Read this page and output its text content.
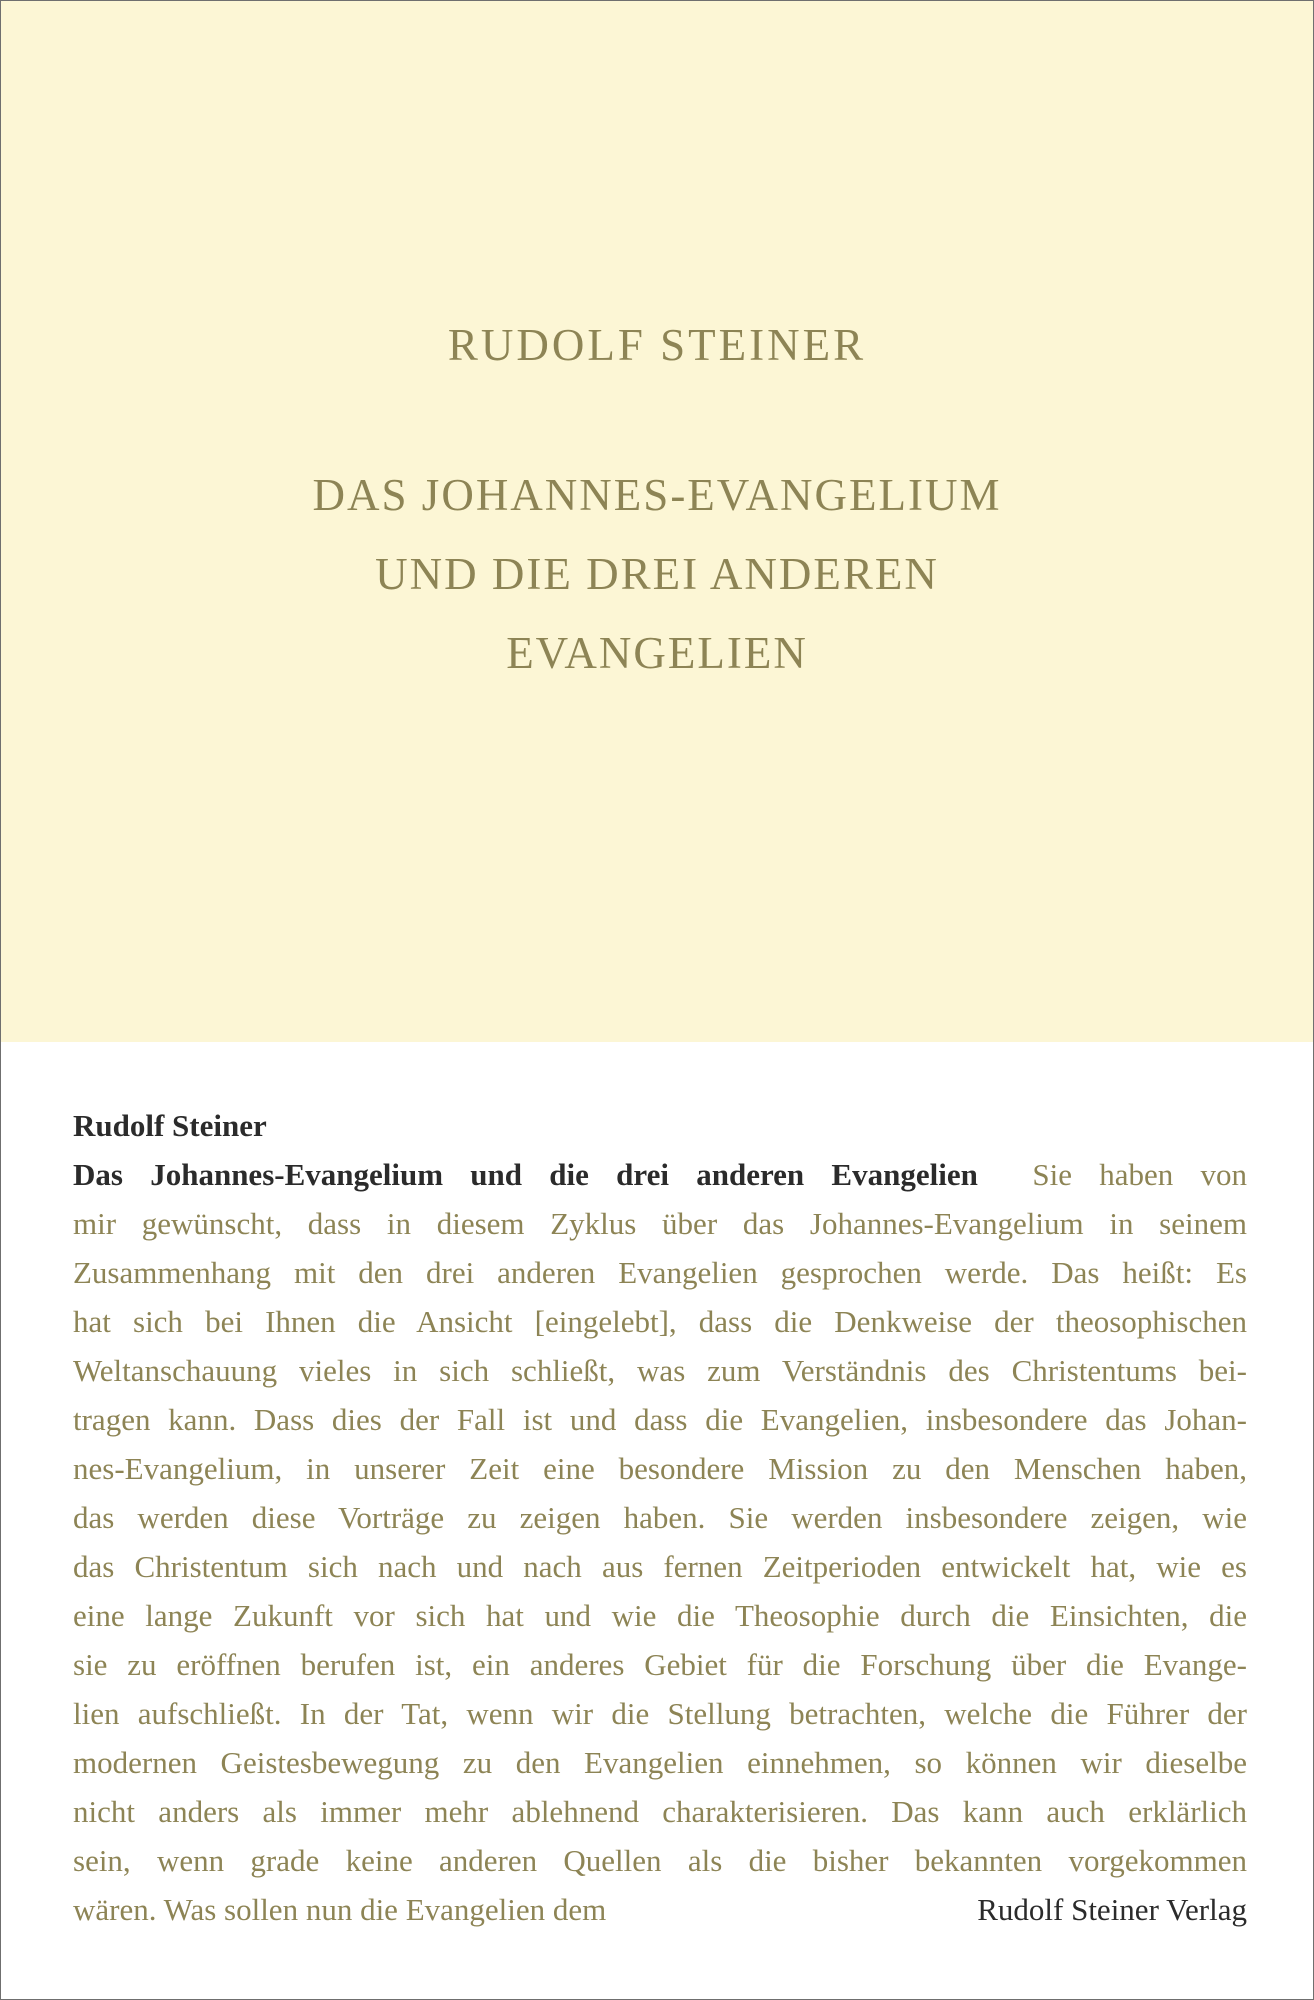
RUDOLF STEINER
DAS JOHANNES-EVANGELIUM
UND DIE DREI ANDEREN
EVANGELIEN
Rudolf Steiner
Das Johannes-Evangelium und die drei anderen Evangelien Sie haben von
mir gewünscht, dass in diesem Zyklus über das Johannes-Evangelium in seinem
Zusammenhang mit den drei anderen Evangelien gesprochen werde. Das heißt: Es
hat sich bei Ihnen die Ansicht [eingelebt], dass die Denkweise der theosophischen
Weltanschauung vieles in sich schließt, was zum Verständnis des Christentums bei-
tragen kann. Dass dies der Fall ist und dass die Evangelien, insbesondere das Johan-
nes-Evangelium, in unserer Zeit eine besondere Mission zu den Menschen haben,
das werden diese Vorträge zu zeigen haben. Sie werden insbesondere zeigen, wie
das Christentum sich nach und nach aus fernen Zeitperioden entwickelt hat, wie es
eine lange Zukunft vor sich hat und wie die Theosophie durch die Einsichten, die
sie zu eröffnen berufen ist, ein anderes Gebiet für die Forschung über die Evange-
lien aufschließt. In der Tat, wenn wir die Stellung betrachten, welche die Führer der
modernen Geistesbewegung zu den Evangelien einnehmen, so können wir dieselbe
nicht anders als immer mehr ablehnend charakterisieren. Das kann auch erklärlich
sein, wenn grade keine anderen Quellen als die bisher bekannten vorgekommen
wären. Was sollen nun die Evangelien dem	Rudolf Steiner Verlag
